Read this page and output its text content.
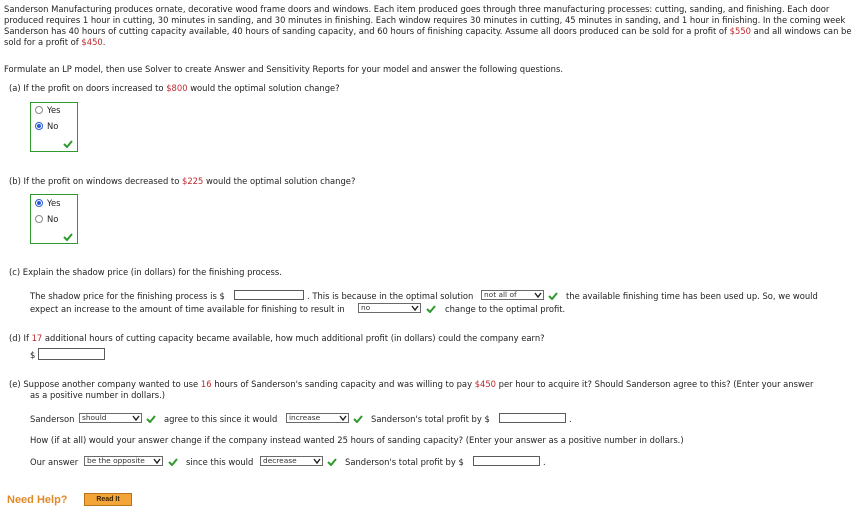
Sanderson Manufacturing produces ornate, decorative wood frame doors and windows. Each item produced goes through three manufacturing processes: cutting, sanding, and finishing. Each door produced requires 1 hour in cutting, 30 minutes in sanding, and 30 minutes in finishing. Each window requires 30 minutes in cutting, 45 minutes in sanding, and 1 hour in finishing. In the coming week Sanderson has 40 hours of cutting capacity available, 40 hours of sanding capacity, and 60 hours of finishing capacity. Assume all doors produced can be sold for a profit of $550 and all windows can be sold for a profit of $450.
Formulate an LP model, then use Solver to create Answer and Sensitivity Reports for your model and answer the following questions.
(a) If the profit on doors increased to $800 would the optimal solution change?
Yes
No
(b) If the profit on windows decreased to $225 would the optimal solution change?
Yes
No
(c) Explain the shadow price (in dollars) for the finishing process.
The shadow price for the finishing process is $	. This is because in the optimal solution	not all of	the available finishing time has been used up. So, we would
expect an increase to the amount of time available for finishing to result in	no	change to the optimal profit.
(d) If 17 additional hours of cutting capacity became available, how much additional profit (in dollars) could the company earn?
$
(e) Suppose another company wanted to use 16 hours of Sanderson's sanding capacity and was willing to pay $450 per hour to acquire it? Should Sanderson agree to this? (Enter your answer
as a positive number in dollars.)
Sanderson	should	agree to this since it would	increase	Sanderson's total profit by $	.
How (if at all) would your answer change if the company instead wanted 25 hours of sanding capacity? (Enter your answer as a positive number in dollars.)
Our answer	be the opposite	since this would	decrease	Sanderson's total profit by $	.
Need Help?	Read It
